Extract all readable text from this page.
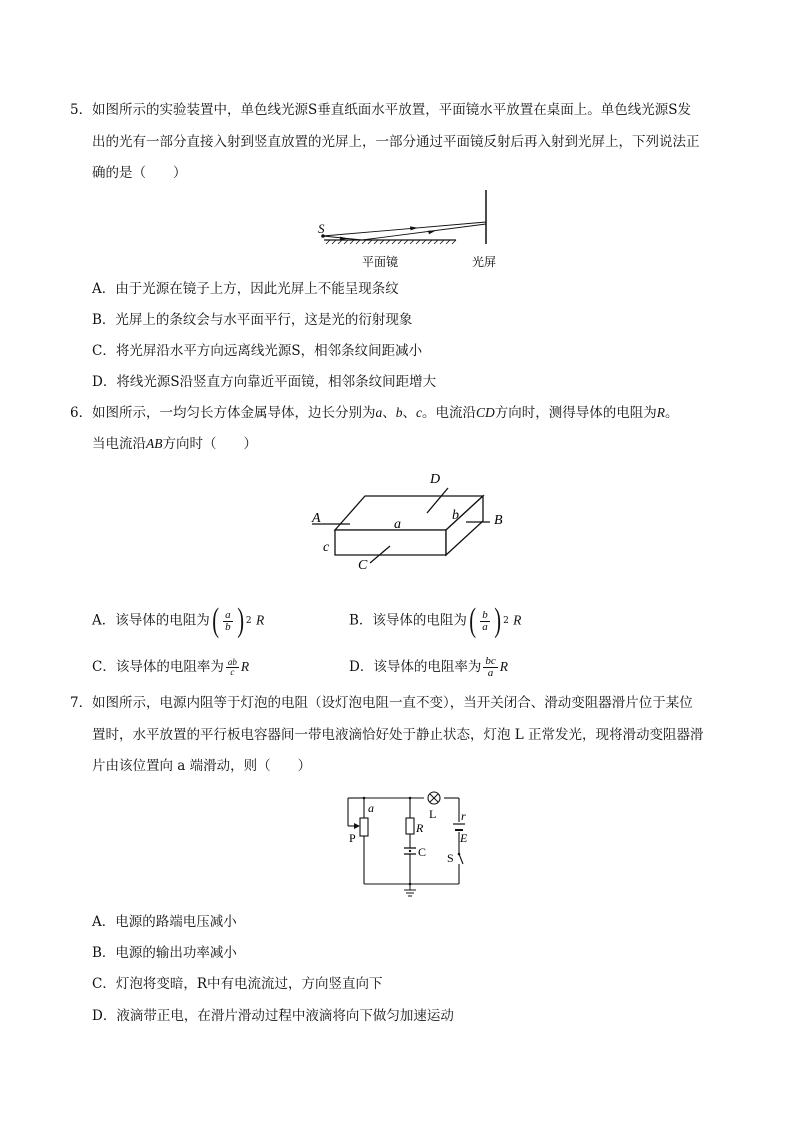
5． 如图所示的实验装置中，单色线光源S垂直纸面水平放置，平面镜水平放置在桌面上。单色线光源S发
出的光有一部分直接入射到竖直放置的光屏上，一部分通过平面镜反射后再入射到光屏上，下列说法正
确的是（　　）
S
平面镜	光屏
A．由于光源在镜子上方，因此光屏上不能呈现条纹
B．光屏上的条纹会与水平面平行，这是光的衍射现象
C．将光屏沿水平方向远离线光源S，相邻条纹间距减小
D．将线光源S沿竖直方向靠近平面镜，相邻条纹间距增大
6． 如图所示，一均匀长方体金属导体，边长分别为a、b、c。电流沿CD方向时，测得导体的电阻为R。
当电流沿AB方向时（　　）
A	B
D
C
a
b
c
A．该导体的电阻为 ( $\frac{a}{b}$ ) 2 R	B．该导体的电阻为 ( $\frac{b}{a}$ ) 2 R
C．该导体的电阻率为 $\frac{ab}{c}$ R	D．该导体的电阻率为 $\frac{bc}{a}$ R
7． 如图所示，电源内阻等于灯泡的电阻（设灯泡电阻一直不变），当开关闭合、滑动变阻器滑片位于某位
置时，水平放置的平行板电容器间一带电液滴恰好处于静止状态，灯泡 L 正常发光，现将滑动变阻器滑
片由该位置向 a 端滑动，则（　　）
a
P
R
C
L r
E
S
A．电源的路端电压减小
B．电源的输出功率减小
C．灯泡将变暗，R中有电流流过，方向竖直向下
D．液滴带正电，在滑片滑动过程中液滴将向下做匀加速运动
